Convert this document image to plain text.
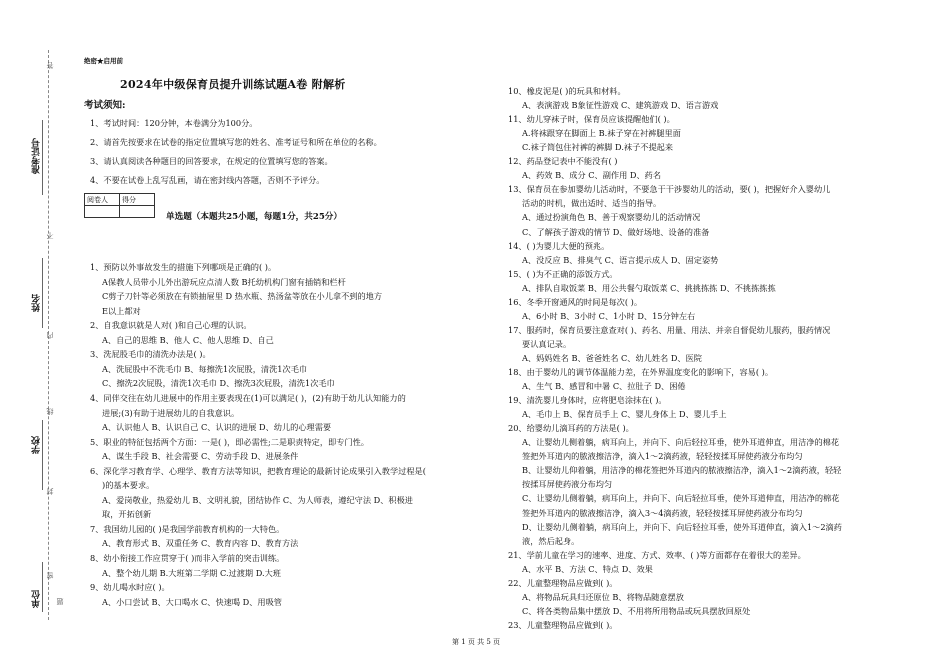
准考证号
姓名
学校
单位
答
不
内
线
封
密
题
绝密★启用前
2024年中级保育员提升训练试题A卷 附解析
考试须知:
1、考试时间：120分钟，本卷满分为100分。
2、请首先按要求在试卷的指定位置填写您的姓名、准考证号和所在单位的名称。
3、请认真阅读各种题目的回答要求，在规定的位置填写您的答案。
4、不要在试卷上乱写乱画，请在密封线内答题，否则不予评分。
阅卷人	得分

单选题（本题共25小题，每题1分，共25分）
1、预防以外事故发生的措施下列哪项是正确的( )。
A保教人员带小儿外出游玩应点清人数 B托幼机构门窗有插销和栏杆
C剪子刀针等必须放在有锁抽屉里 D 热水瓶、热汤盆等放在小儿拿不到的地方
E以上都对
2、自我意识就是人对( )和自己心理的认识。
A、自己的思维 B、他人 C、他人思维 D、自己
3、洗屁股毛巾的清洗办法是( )。
A、洗屁股中不洗毛巾 B、每擦洗1次屁股，清洗1次毛巾
C、擦洗2次屁股，清洗1次毛巾 D、擦洗3次屁股，清洗1次毛巾
4、同伴交往在幼儿进展中的作用主要表现在(1)可以满足( )，(2)有助于幼儿认知能力的
进展;(3)有助于进展幼儿的自我意识。
A、认识他人 B、认识自己 C、认识的进展 D、幼儿的心理需要
5、职业的特征包括两个方面：一是( )，即必需性;二是职责特定，即专门性。
A、谋生手段 B、社会需要 C、劳动手段 D、进展条件
6、深化学习教育学、心理学、教育方法等知识，把教育理论的最新讨论成果引入教学过程是(
)的基本要求。
A、爱岗敬业，热爱幼儿 B、文明礼貌，团结协作 C、为人师表，遵纪守法 D、积极进
取，开拓创新
7、我国幼儿园的( )是我国学前教育机构的一大特色。
A、教育形式 B、双重任务 C、教育内容 D、教育方法
8、幼小衔接工作应贯穿于( )而非入学前的突击训练。
A、整个幼儿期 B.大班第二学期 C.过渡期 D.大班
9、幼儿喝水时应( )。
A、小口尝试 B、大口喝水 C、快速喝 D、用吸管
10、橡皮泥是( )的玩具和材料。
A、表演游戏 B象征性游戏 C、建筑游戏 D、语言游戏
11、幼儿穿袜子时，保育员应该提醒他们( )。
A.将袜跟穿在脚面上 B.袜子穿在衬裤腿里面
C.袜子筒包住衬裤的裤脚 D.袜子不提起来
12、药品登记表中不能没有( )
A、药效 B、成分 C、副作用 D、药名
13、保育员在参加婴幼儿活动时，不要急于干涉婴幼儿的活动，要( )，把握好介入婴幼儿
活动的时机，做出适时、适当的指导。
A、通过扮演角色 B、善于观察婴幼儿的活动情况
C、了解孩子游戏的情节 D、做好场地、设备的准备
14、( )为婴儿大便的预兆。
A、没反应 B、排臭气 C、语言提示成人 D、固定姿势
15、( )为不正确的添饭方式。
A、排队自取饭菜 B、用公共餐勺取饭菜 C、挑挑拣拣 D、不挑拣拣拣
16、冬季开窗通风的时间是每次( )。
A、6小时 B、3小时 C、1小时 D、15分钟左右
17、服药时，保育员要注意查对( )、药名、用量、用法、并亲自督促幼儿服药，服药情况
要认真记录。
A、妈妈姓名 B、爸爸姓名 C、幼儿姓名 D、医院
18、由于婴幼儿的调节体温能力差，在外界温度变化的影响下，容易( )。
A、生气 B、感冒和中暑 C、拉肚子 D、困倦
19、清洗婴儿身体时，应将肥皂涂抹在( )。
A、毛巾上 B、保育员手上 C、婴儿身体上 D、婴儿手上
20、给婴幼儿滴耳药的方法是( )。
A、让婴幼儿侧着躺，病耳向上，并向下、向后轻拉耳垂，使外耳道伸直，用洁净的棉花
签把外耳道内的脓液擦洁净，滴入1～2滴药液，轻轻按揉耳屏使药液分布均匀
B、让婴幼儿仰着躺，用洁净的棉花签把外耳道内的脓液擦洁净，滴入1～2滴药液，轻轻
按揉耳屏使药液分布均匀
C、让婴幼儿侧着躺，病耳向上，并向下、向后轻拉耳垂，使外耳道伸直，用洁净的棉花
签把外耳道内的脓液擦洁净，滴入3～4滴药液，轻轻按揉耳屏使药液分布均匀
D、让婴幼儿侧着躺，病耳向上，并向下、向后轻拉耳垂，使外耳道伸直，滴入1～2滴药
液，然后起身。
21、学前儿童在学习的速率、进度、方式、效率、( )等方面都存在着很大的差异。
A、水平 B、方法 C、特点 D、效果
22、儿童整理物品应做到( )。
A、将物品玩具归还原位 B、将物品随意摆放
C、将各类物品集中摆放 D、不用将所用物品或玩具摆放回原处
23、儿童整理物品应做到( )。
第 1 页 共 5 页
